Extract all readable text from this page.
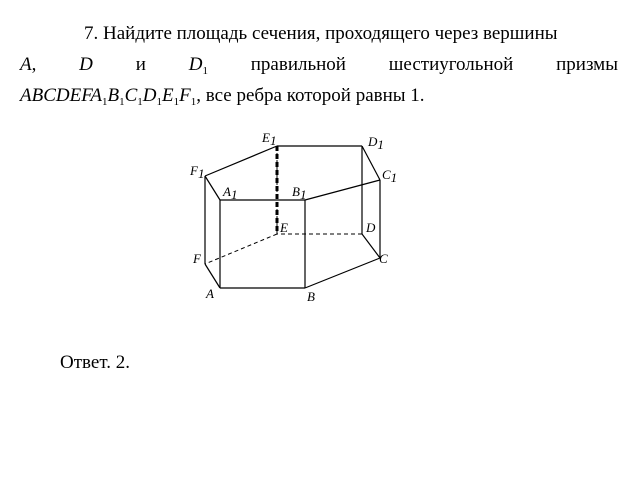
7. Найдите площадь сечения, проходящего через вершины
A, D и $D_1$ правильной шестиугольной призмы
$ABCDEFA_1B_1C_1D_1E_1F_1$, все ребра которой равны 1.
E1	D1
F1	C1
A1	B1
E	D
F	C
A	B
Ответ. 2.
